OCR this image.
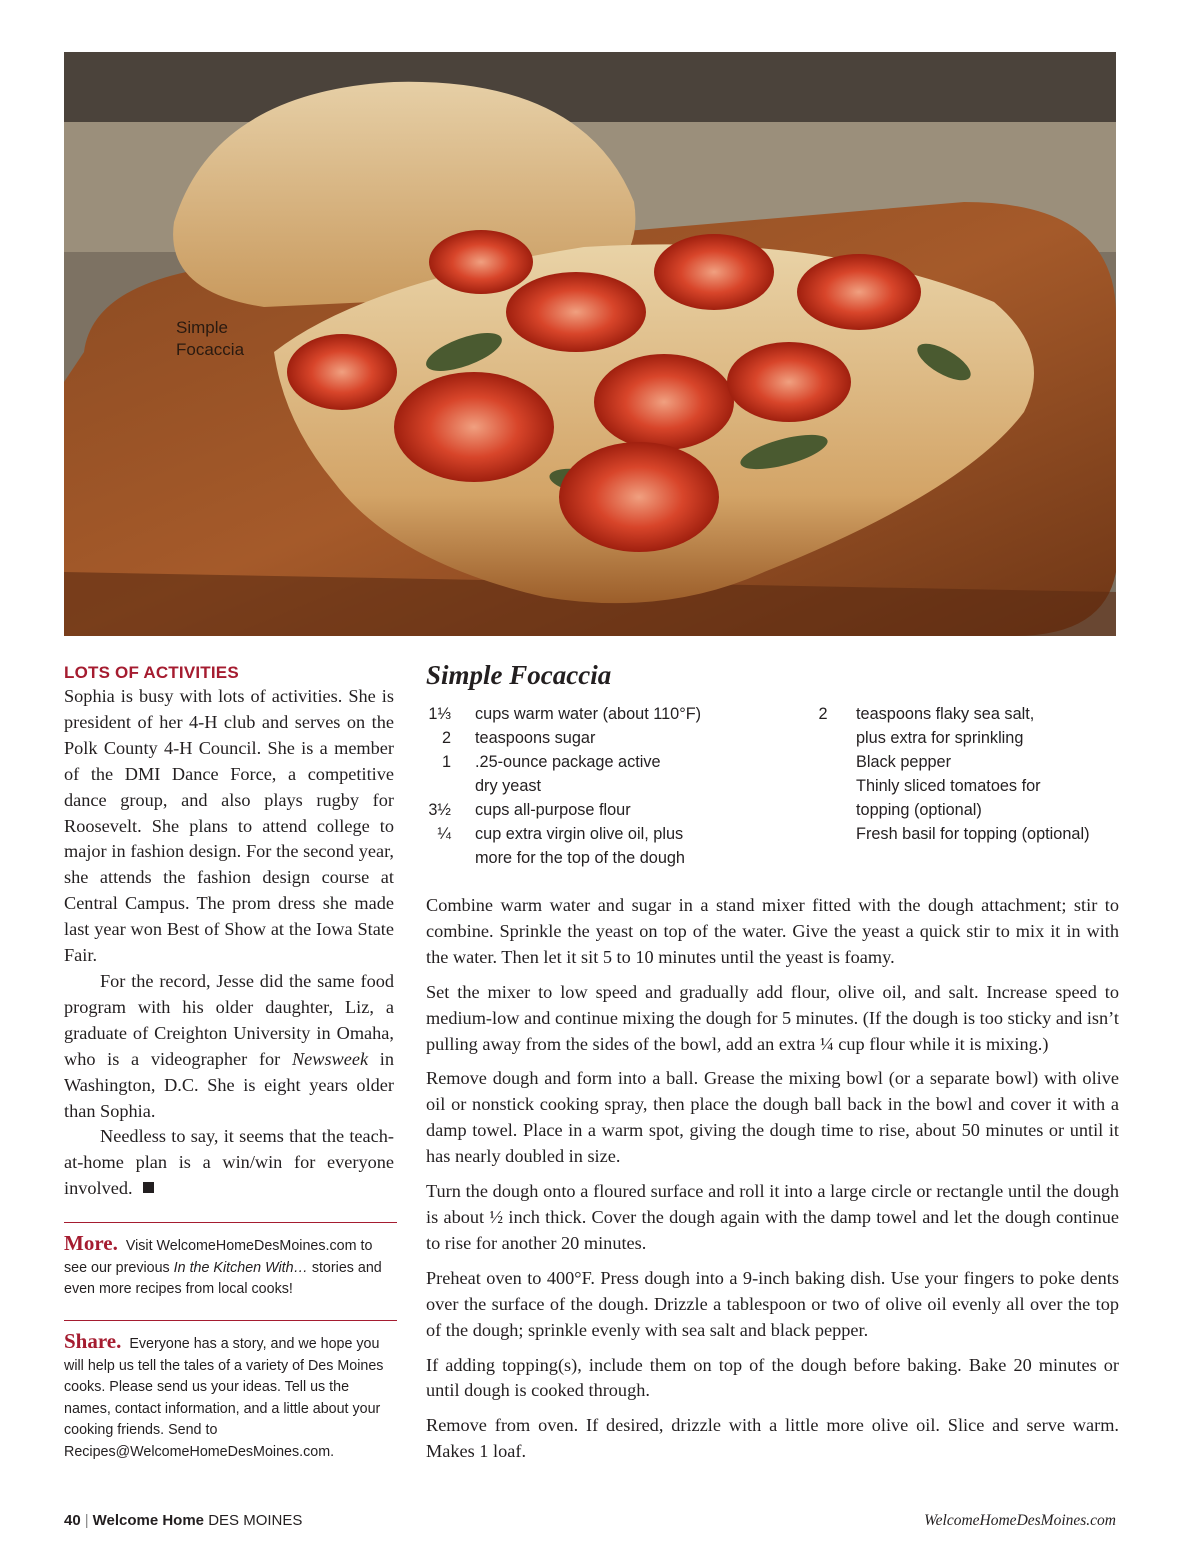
Simple
Focaccia
LOTS OF ACTIVITIES

Sophia is busy with lots of activities. She is president of her 4-H club and serves on the Polk County 4-H Council. She is a member of the DMI Dance Force, a competitive dance group, and also plays rugby for Roosevelt. She plans to attend college to major in fashion design. For the second year, she attends the fashion design course at Central Campus. The prom dress she made last year won Best of Show at the Iowa State Fair.

For the record, Jesse did the same food program with his older daughter, Liz, a graduate of Creighton University in Omaha, who is a videographer for Newsweek in Washington, D.C. She is eight years older than Sophia.

Needless to say, it seems that the teach-at-home plan is a win/win for everyone involved.

More. Visit WelcomeHomeDesMoines.com to see our previous In the Kitchen With… stories and even more recipes from local cooks!

Share. Everyone has a story, and we hope you will help us tell the tales of a variety of Des Moines cooks. Please send us your ideas. Tell us the names, contact information, and a little about your cooking friends. Send to Recipes@WelcomeHomeDesMoines.com.

Simple Focaccia
1⅓	cups warm water (about 110°F)
2	teaspoons sugar
1	.25-ounce package active
dry yeast
3½	cups all-purpose flour
¼	cup extra virgin olive oil, plus
more for the top of the dough
2	teaspoons flaky sea salt,
plus extra for sprinkling
Black pepper
Thinly sliced tomatoes for
topping (optional)
Fresh basil for topping (optional)

Combine warm water and sugar in a stand mixer fitted with the dough attachment; stir to combine. Sprinkle the yeast on top of the water. Give the yeast a quick stir to mix it in with the water. Then let it sit 5 to 10 minutes until the yeast is foamy.

Set the mixer to low speed and gradually add flour, olive oil, and salt. Increase speed to medium-low and continue mixing the dough for 5 minutes. (If the dough is too sticky and isn’t pulling away from the sides of the bowl, add an extra ¼ cup flour while it is mixing.)

Remove dough and form into a ball. Grease the mixing bowl (or a separate bowl) with olive oil or nonstick cooking spray, then place the dough ball back in the bowl and cover it with a damp towel. Place in a warm spot, giving the dough time to rise, about 50 minutes or until it has nearly doubled in size.

Turn the dough onto a floured surface and roll it into a large circle or rectangle until the dough is about ½ inch thick. Cover the dough again with the damp towel and let the dough continue to rise for another 20 minutes.

Preheat oven to 400°F. Press dough into a 9-inch baking dish. Use your fingers to poke dents over the surface of the dough. Drizzle a tablespoon or two of olive oil evenly all over the top of the dough; sprinkle evenly with sea salt and black pepper.

If adding topping(s), include them on top of the dough before baking. Bake 20 minutes or until dough is cooked through.

Remove from oven. If desired, drizzle with a little more olive oil. Slice and serve warm. Makes 1 loaf.

40 | Welcome Home DES MOINES	WelcomeHomeDesMoines.com
